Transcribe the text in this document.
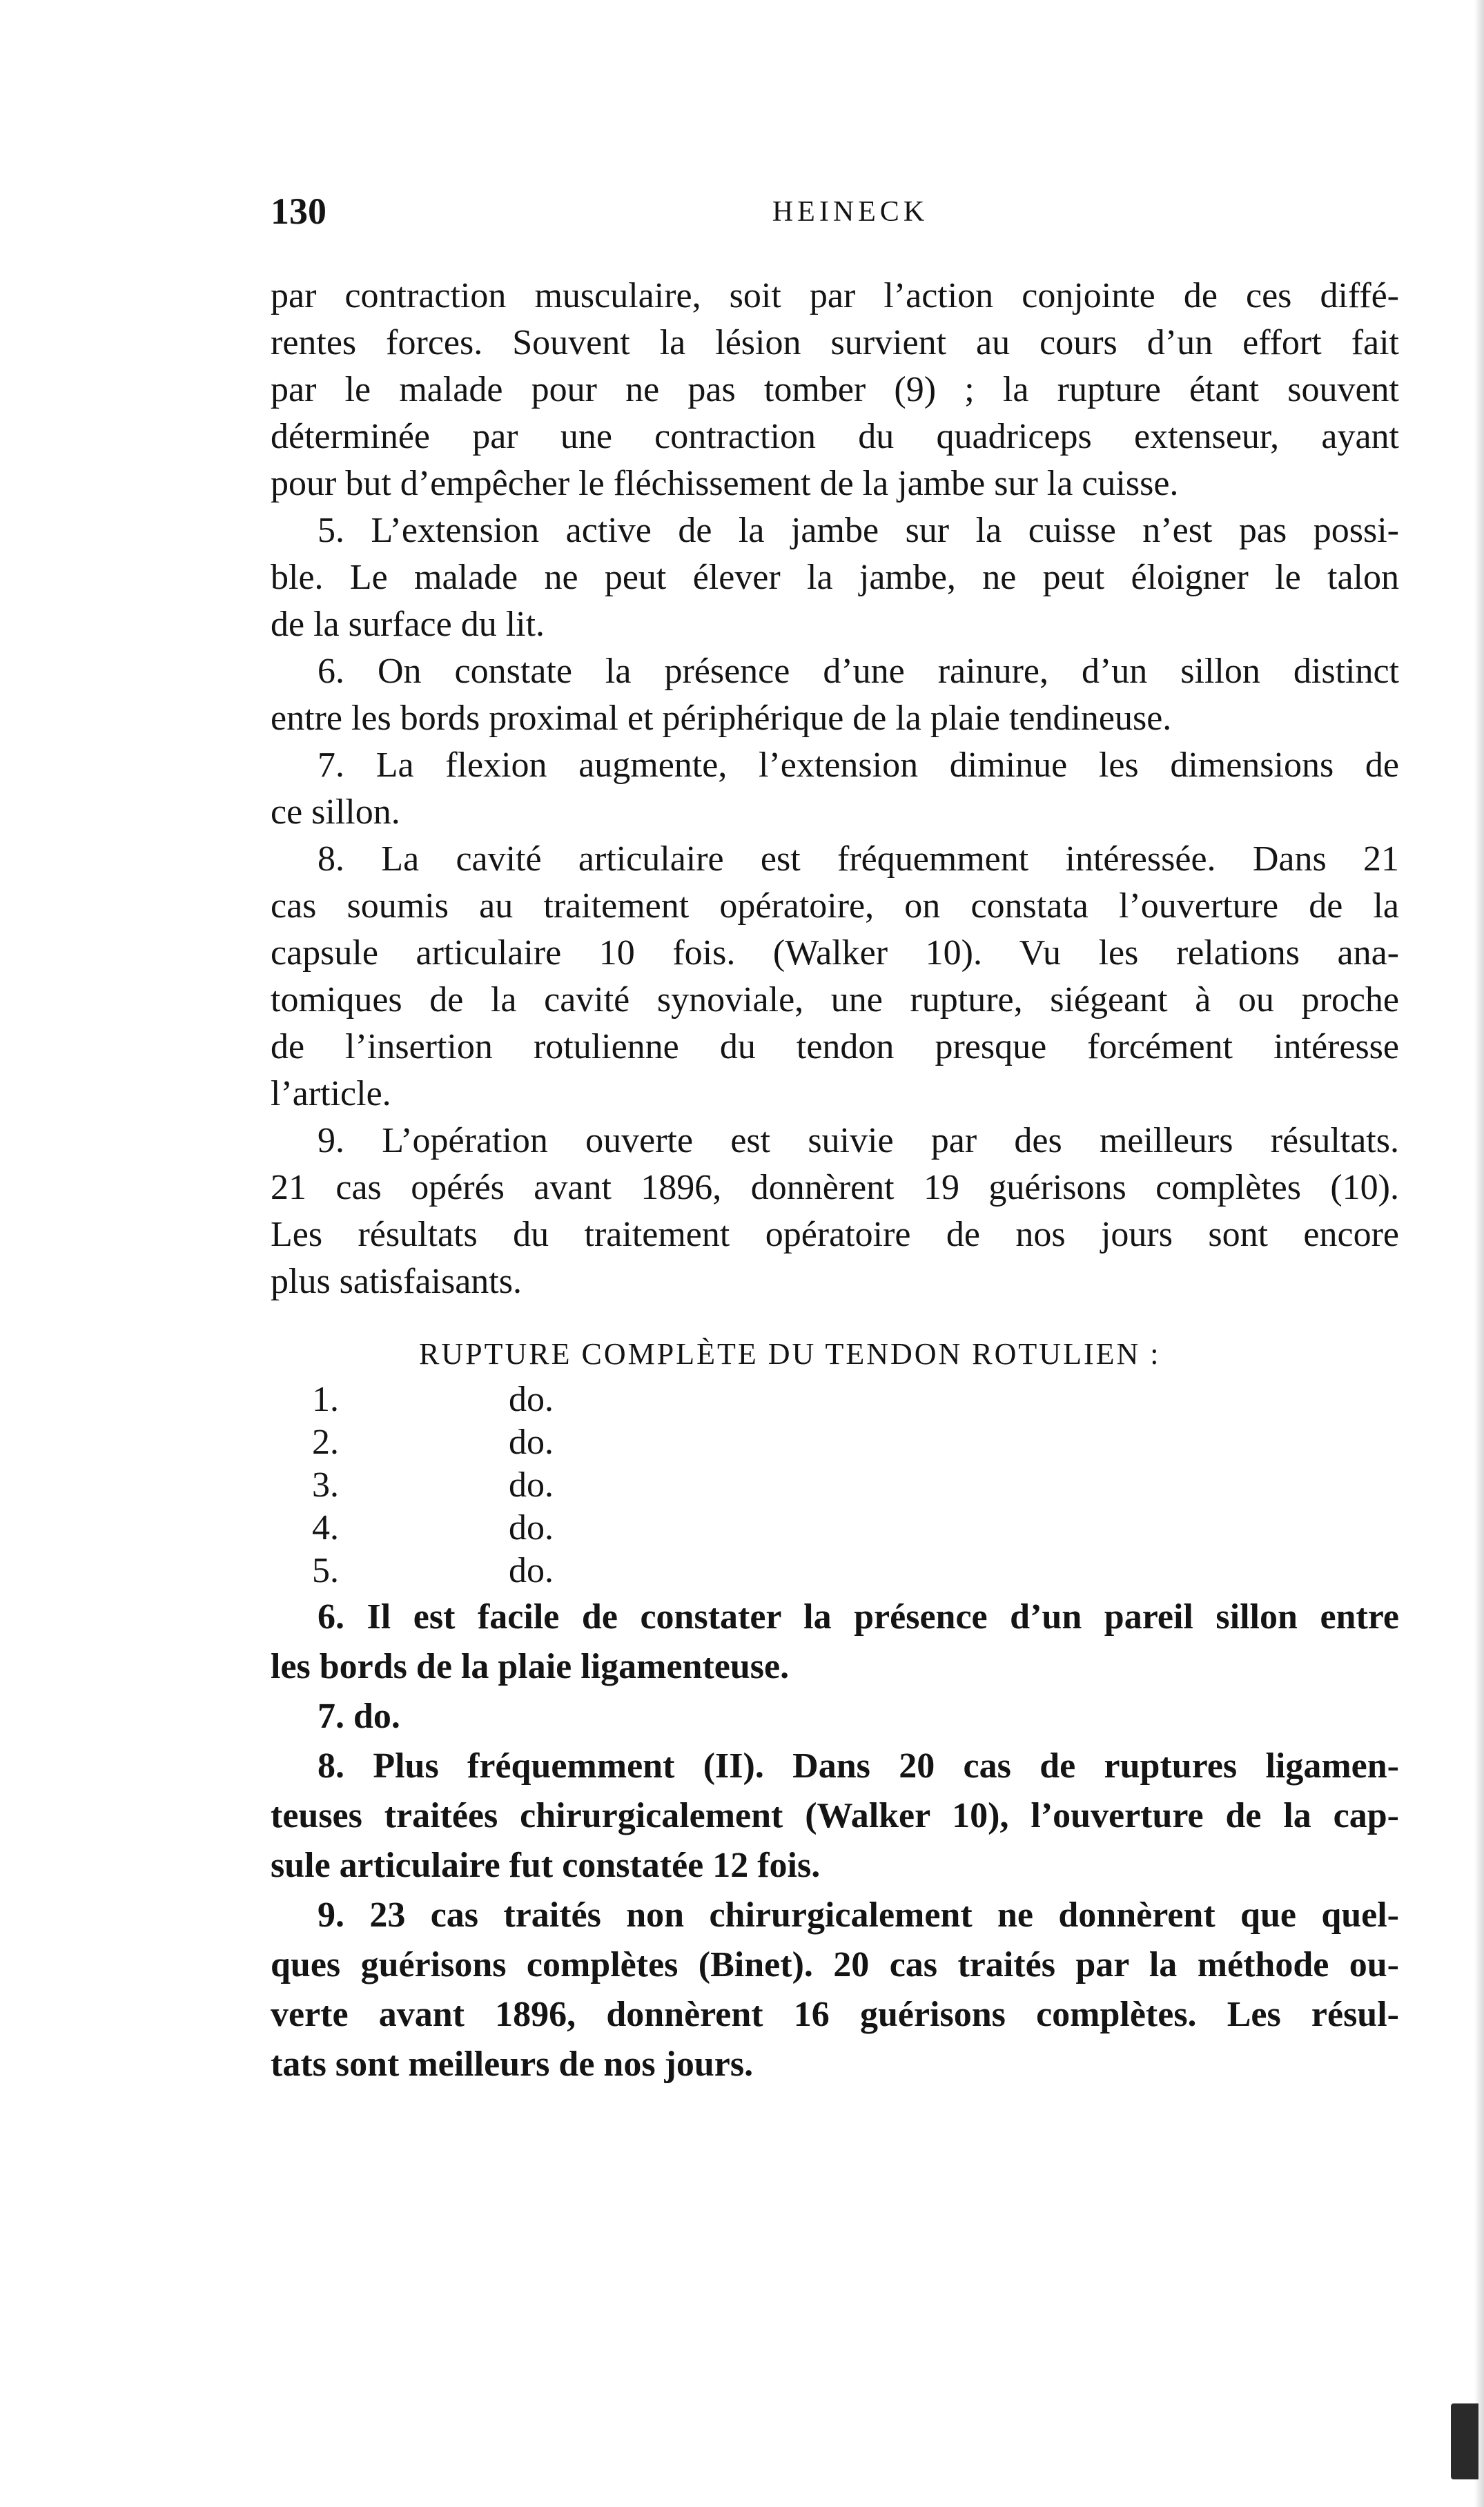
130	HEINECK
par contraction musculaire, soit par l’action conjointe de ces diffé-
rentes forces. Souvent la lésion survient au cours d’un effort fait
par le malade pour ne pas tomber (9) ; la rupture étant souvent
déterminée par une contraction du quadriceps extenseur, ayant
pour but d’empêcher le fléchissement de la jambe sur la cuisse.
5. L’extension active de la jambe sur la cuisse n’est pas possi-
ble. Le malade ne peut élever la jambe, ne peut éloigner le talon
de la surface du lit.
6. On constate la présence d’une rainure, d’un sillon distinct
entre les bords proximal et périphérique de la plaie tendineuse.
7. La flexion augmente, l’extension diminue les dimensions de
ce sillon.
8. La cavité articulaire est fréquemment intéressée. Dans 21
cas soumis au traitement opératoire, on constata l’ouverture de la
capsule articulaire 10 fois. (Walker 10). Vu les relations ana-
tomiques de la cavité synoviale, une rupture, siégeant à ou proche
de l’insertion rotulienne du tendon presque forcément intéresse
l’article.
9. L’opération ouverte est suivie par des meilleurs résultats.
21 cas opérés avant 1896, donnèrent 19 guérisons complètes (10).
Les résultats du traitement opératoire de nos jours sont encore
plus satisfaisants.
RUPTURE COMPLÈTE DU TENDON ROTULIEN :
1.	do.
2.	do.
3.	do.
4.	do.
5.	do.
6. Il est facile de constater la présence d’un pareil sillon entre
les bords de la plaie ligamenteuse.
7. do.
8. Plus fréquemment (II). Dans 20 cas de ruptures ligamen-
teuses traitées chirurgicalement (Walker 10), l’ouverture de la cap-
sule articulaire fut constatée 12 fois.
9. 23 cas traités non chirurgicalement ne donnèrent que quel-
ques guérisons complètes (Binet). 20 cas traités par la méthode ou-
verte avant 1896, donnèrent 16 guérisons complètes. Les résul-
tats sont meilleurs de nos jours.
